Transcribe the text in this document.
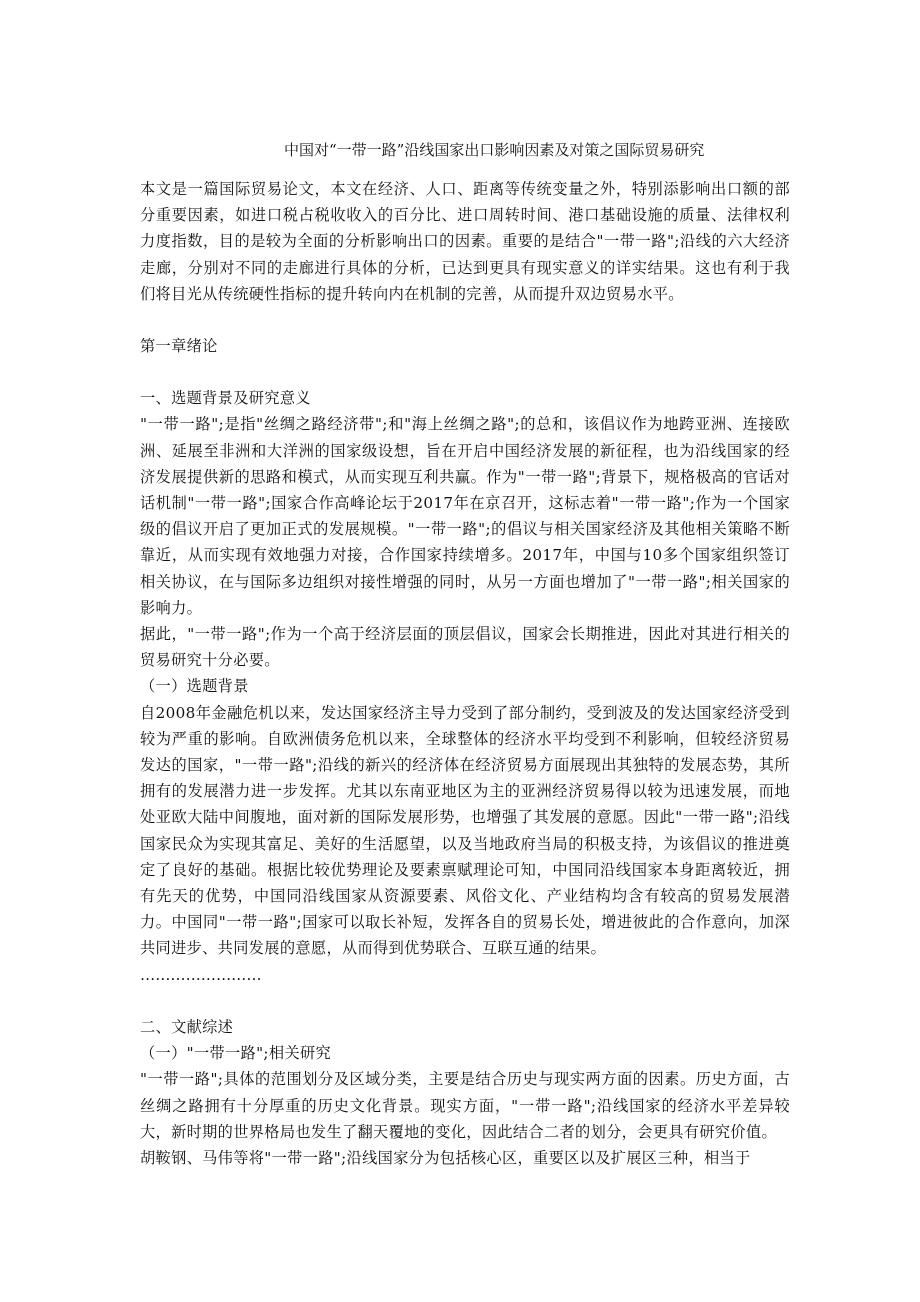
中国对“一带一路”沿线国家出口影响因素及对策之国际贸易研究

本文是一篇国际贸易论文，本文在经济、人口、距离等传统变量之外，特别添影响出口额的部分重要因素，如进口税占税收收入的百分比、进口周转时间、港口基础设施的质量、法律权利力度指数，目的是较为全面的分析影响出口的因素。重要的是结合"一带一路";沿线的六大经济走廊，分别对不同的走廊进行具体的分析，已达到更具有现实意义的详实结果。这也有利于我们将目光从传统硬性指标的提升转向内在机制的完善，从而提升双边贸易水平。

第一章绪论

一、选题背景及研究意义

"一带一路";是指"丝绸之路经济带";和"海上丝绸之路";的总和，该倡议作为地跨亚洲、连接欧洲、延展至非洲和大洋洲的国家级设想，旨在开启中国经济发展的新征程，也为沿线国家的经济发展提供新的思路和模式，从而实现互利共赢。作为"一带一路";背景下，规格极高的官话对话机制"一带一路";国家合作高峰论坛于2017年在京召开，这标志着"一带一路";作为一个国家级的倡议开启了更加正式的发展规模。"一带一路";的倡议与相关国家经济及其他相关策略不断靠近，从而实现有效地强力对接，合作国家持续增多。2017年，中国与10多个国家组织签订相关协议，在与国际多边组织对接性增强的同时，从另一方面也增加了"一带一路";相关国家的影响力。

据此，"一带一路";作为一个高于经济层面的顶层倡议，国家会长期推进，因此对其进行相关的贸易研究十分必要。

（一）选题背景

自2008年金融危机以来，发达国家经济主导力受到了部分制约，受到波及的发达国家经济受到较为严重的影响。自欧洲债务危机以来，全球整体的经济水平均受到不利影响，但较经济贸易发达的国家，"一带一路";沿线的新兴的经济体在经济贸易方面展现出其独特的发展态势，其所拥有的发展潜力进一步发挥。尤其以东南亚地区为主的亚洲经济贸易得以较为迅速发展，而地处亚欧大陆中间腹地，面对新的国际发展形势，也增强了其发展的意愿。因此"一带一路";沿线国家民众为实现其富足、美好的生活愿望，以及当地政府当局的积极支持，为该倡议的推进奠定了良好的基础。根据比较优势理论及要素禀赋理论可知，中国同沿线国家本身距离较近，拥有先天的优势，中国同沿线国家从资源要素、风俗文化、产业结构均含有较高的贸易发展潜力。中国同"一带一路";国家可以取长补短，发挥各自的贸易长处，增进彼此的合作意向，加深共同进步、共同发展的意愿，从而得到优势联合、互联互通的结果。

……………………

二、文献综述

（一）"一带一路";相关研究

"一带一路";具体的范围划分及区域分类，主要是结合历史与现实两方面的因素。历史方面，古丝绸之路拥有十分厚重的历史文化背景。现实方面，"一带一路";沿线国家的经济水平差异较大，新时期的世界格局也发生了翻天覆地的变化，因此结合二者的划分，会更具有研究价值。

胡鞍钢、马伟等将"一带一路";沿线国家分为包括核心区，重要区以及扩展区三种，相当于
